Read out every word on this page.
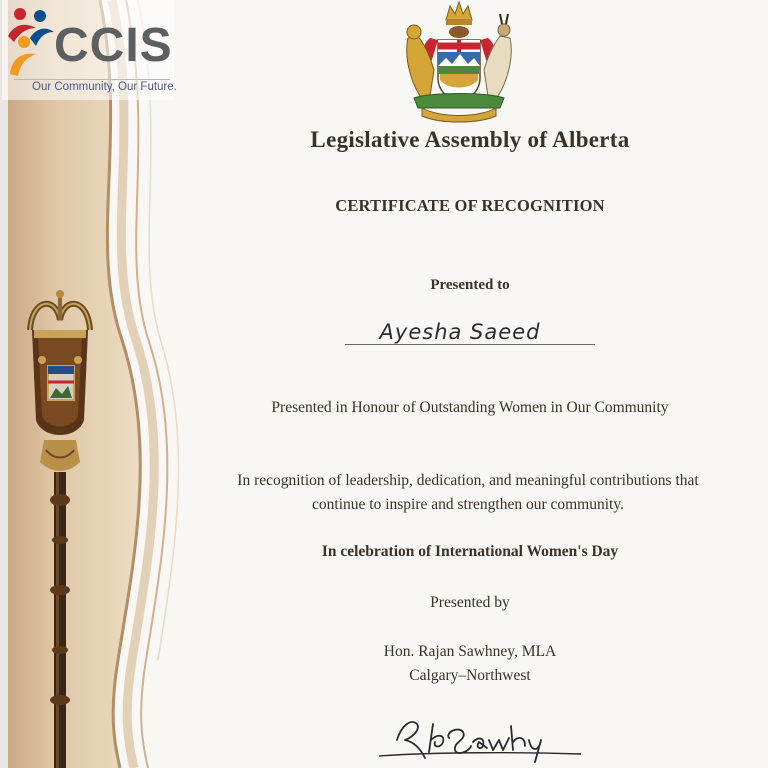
CCIS
Our Community, Our Future.
Legislative Assembly of Alberta
CERTIFICATE OF RECOGNITION
Presented to
Ayesha Saeed
Presented in Honour of Outstanding Women in Our Community
In recognition of leadership, dedication, and meaningful contributions that
continue to inspire and strengthen our community.
In celebration of International Women's Day
Presented by
Hon. Rajan Sawhney, MLA
Calgary–Northwest
